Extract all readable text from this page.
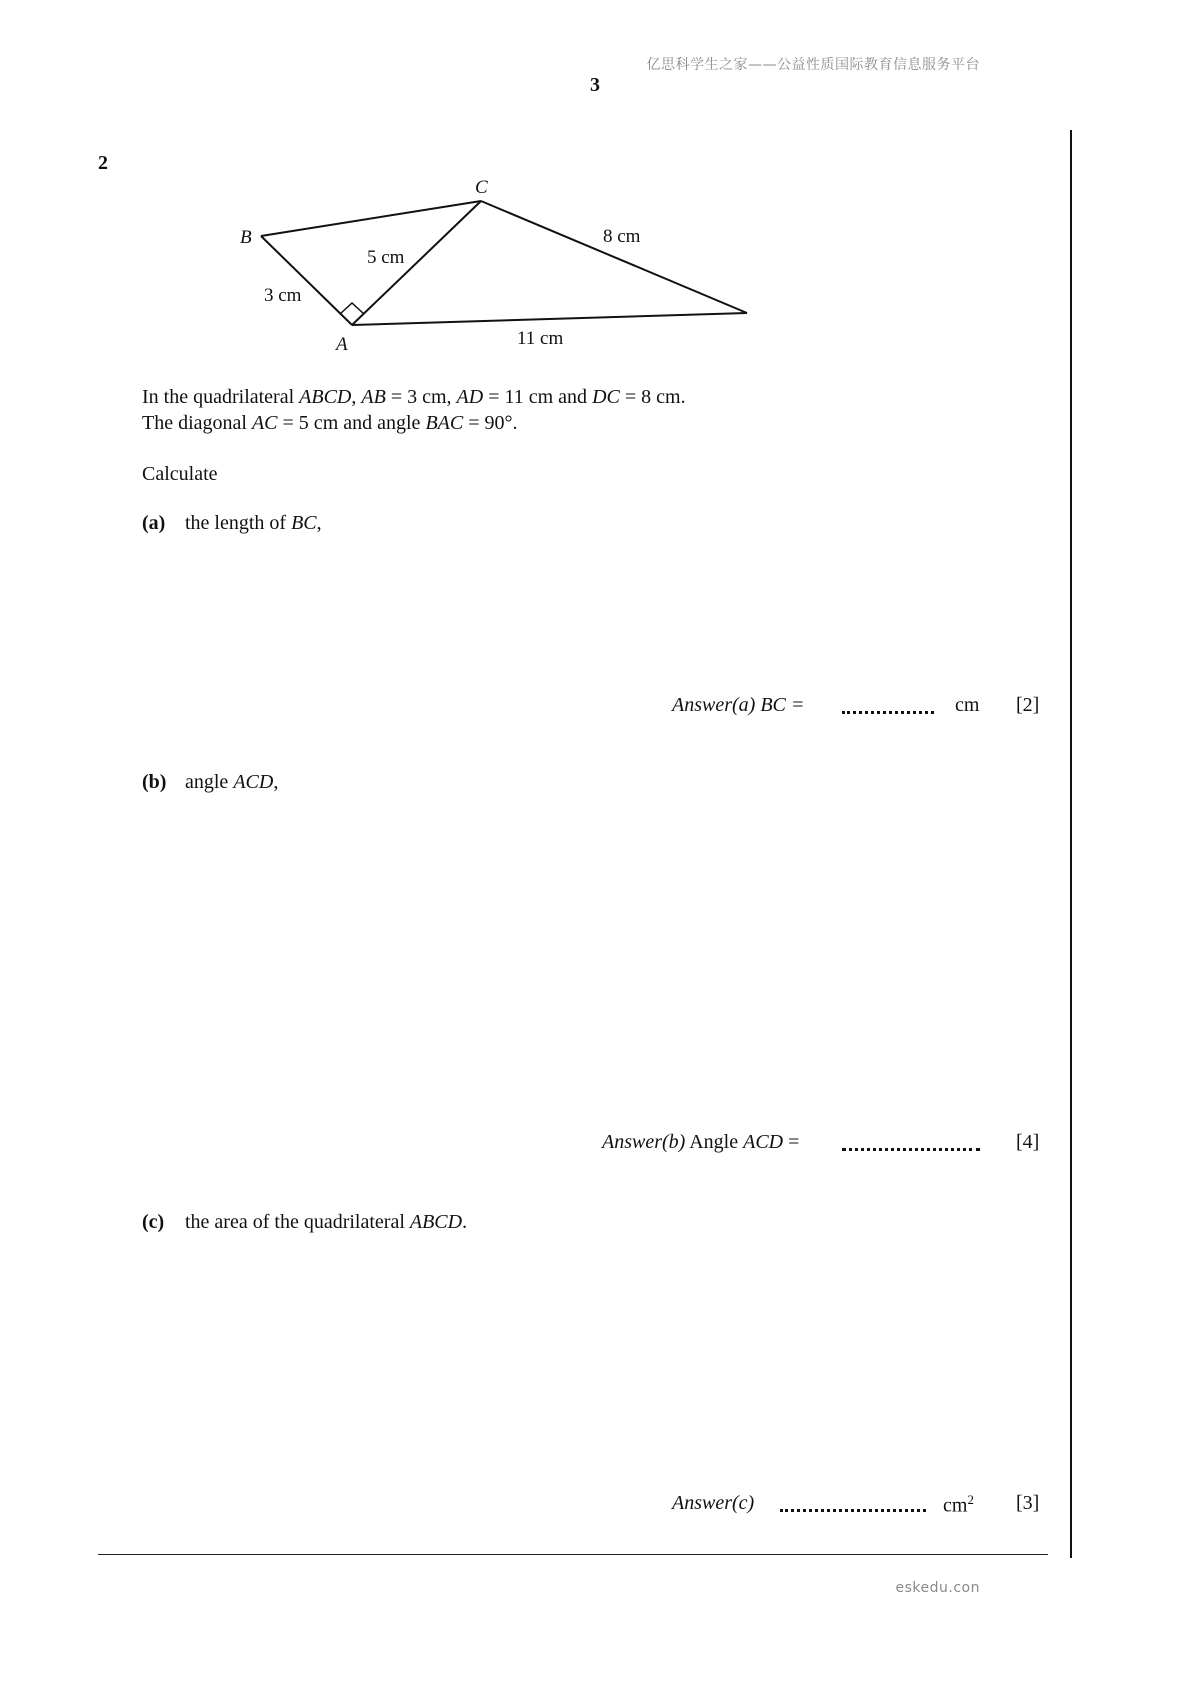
亿思科学生之家——公益性质国际教育信息服务平台
3
2
B
C
A
3 cm
5 cm
8 cm
11 cm
In the quadrilateral ABCD, AB = 3 cm, AD = 11 cm and DC = 8 cm.
The diagonal AC = 5 cm and angle BAC = 90°.
Calculate
(a) the length of BC,
Answer(a) BC =	cm [2]
(b) angle ACD,
Answer(b) Angle ACD =	[4]
(c) the area of the quadrilateral ABCD.
Answer(c)	$cm^2$ [3]
eskedu.con
